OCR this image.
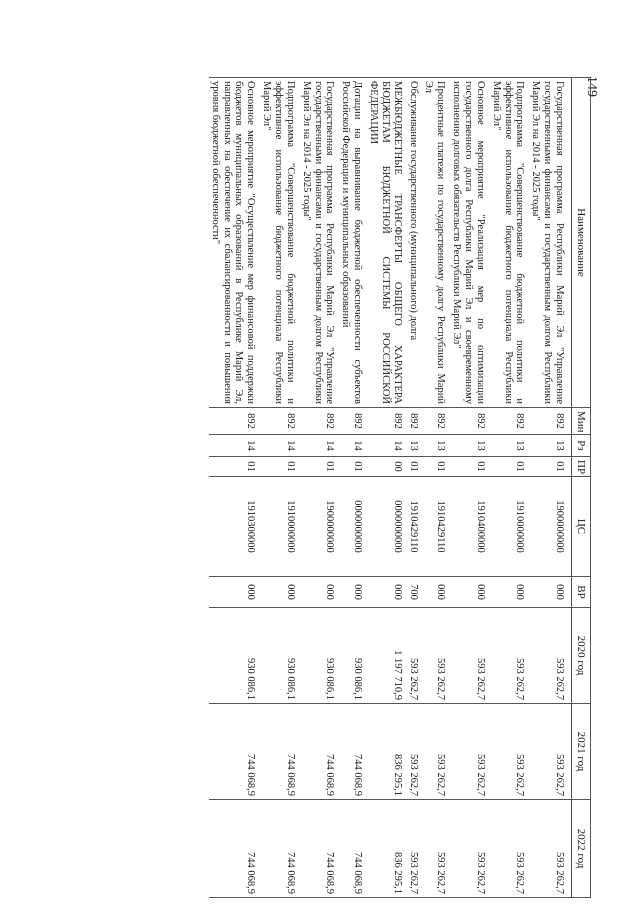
149
Наименование	Мин	Рз	ПР	ЦС	ВР	2020 год	2021 год	2022 год
Государственная программа Республики Марий Эл "Управление государственными финансами и государственным долгом Республики Марий Эл на 2014 - 2025 годы"	892	13	01	1900000000	000	593 262,7	593 262,7	593 262,7
Подпрограмма "Совершенствование бюджетной политики и эффективное использование бюджетного потенциала Республики Марий Эл"	892	13	01	1910000000	000	593 262,7	593 262,7	593 262,7
Основное мероприятие "Реализация мер по оптимизации государственного долга Республики Марий Эл и своевременному исполнению долговых обязательств Республики Марий Эл"	892	13	01	1910400000	000	593 262,7	593 262,7	593 262,7
Процентные платежи по государственному долгу Республики Марий Эл	892	13	01	1910429110	000	593 262,7	593 262,7	593 262,7
Обслуживание государственного (муниципального) долга	892	13	01	1910429110	700	593 262,7	593 262,7	593 262,7
МЕЖБЮДЖЕТНЫЕ ТРАНСФЕРТЫ ОБЩЕГО ХАРАКТЕРА БЮДЖЕТАМ БЮДЖЕТНОЙ СИСТЕМЫ РОССИЙСКОЙ ФЕДЕРАЦИИ	892	14	00	0000000000	000	1 197 710,9	836 295,1	836 295,1
Дотации на выравнивание бюджетной обеспеченности субъектов Российской Федерации и муниципальных образований	892	14	01	0000000000	000	930 086,1	744 068,9	744 068,9
Государственная программа Республики Марий Эл "Управление государственными финансами и государственным долгом Республики Марий Эл на 2014 - 2025 годы"	892	14	01	1900000000	000	930 086,1	744 068,9	744 068,9
Подпрограмма "Совершенствование бюджетной политики и эффективное использование бюджетного потенциала Республики Марий Эл"	892	14	01	1910000000	000	930 086,1	744 068,9	744 068,9
Основное мероприятие "Осуществление мер финансовой поддержки бюджетов муниципальных образований в Республике Марий Эл, направленных на обеспечение их сбалансированности и повышения уровня бюджетной обеспеченности"	892	14	01	1910300000	000	930 086,1	744 068,9	744 068,9
